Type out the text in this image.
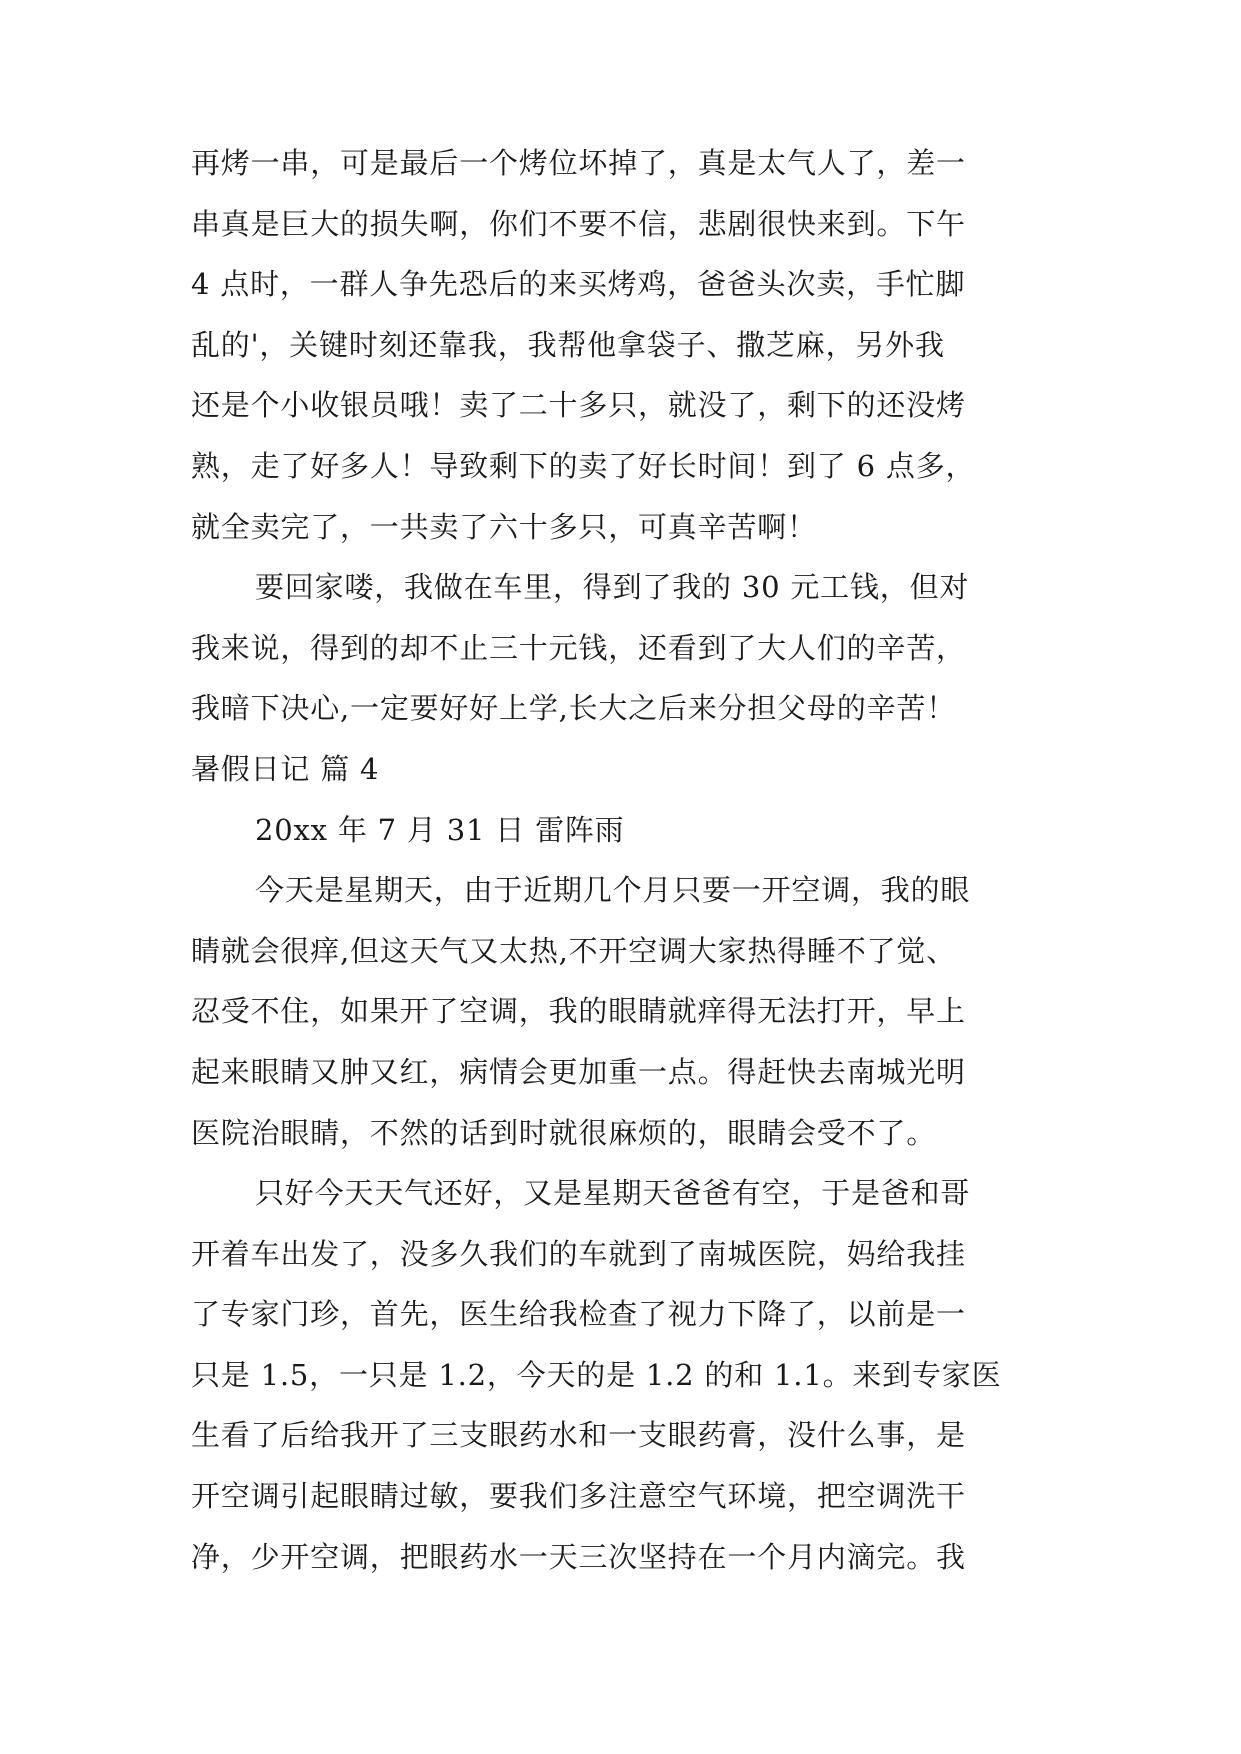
再烤一串，可是最后一个烤位坏掉了，真是太气人了，差一
串真是巨大的损失啊，你们不要不信，悲剧很快来到。下午
4 点时，一群人争先恐后的来买烤鸡，爸爸头次卖，手忙脚
乱的'，关键时刻还靠我，我帮他拿袋子、撒芝麻，另外我
还是个小收银员哦！卖了二十多只，就没了，剩下的还没烤
熟，走了好多人！导致剩下的卖了好长时间！到了 6 点多，
就全卖完了，一共卖了六十多只，可真辛苦啊！
要回家喽，我做在车里，得到了我的 30 元工钱，但对
我来说，得到的却不止三十元钱，还看到了大人们的辛苦，
我暗下决心,一定要好好上学,长大之后来分担父母的辛苦！
暑假日记 篇 4
20xx 年 7 月 31 日 雷阵雨
今天是星期天，由于近期几个月只要一开空调，我的眼
睛就会很痒,但这天气又太热,不开空调大家热得睡不了觉、
忍受不住，如果开了空调，我的眼睛就痒得无法打开，早上
起来眼睛又肿又红，病情会更加重一点。得赶快去南城光明
医院治眼睛，不然的话到时就很麻烦的，眼睛会受不了。
只好今天天气还好，又是星期天爸爸有空，于是爸和哥
开着车出发了，没多久我们的车就到了南城医院，妈给我挂
了专家门珍，首先，医生给我检查了视力下降了，以前是一
只是 1.5，一只是 1.2，今天的是 1.2 的和 1.1。来到专家医
生看了后给我开了三支眼药水和一支眼药膏，没什么事，是
开空调引起眼睛过敏，要我们多注意空气环境，把空调洗干
净，少开空调，把眼药水一天三次坚持在一个月内滴完。我
